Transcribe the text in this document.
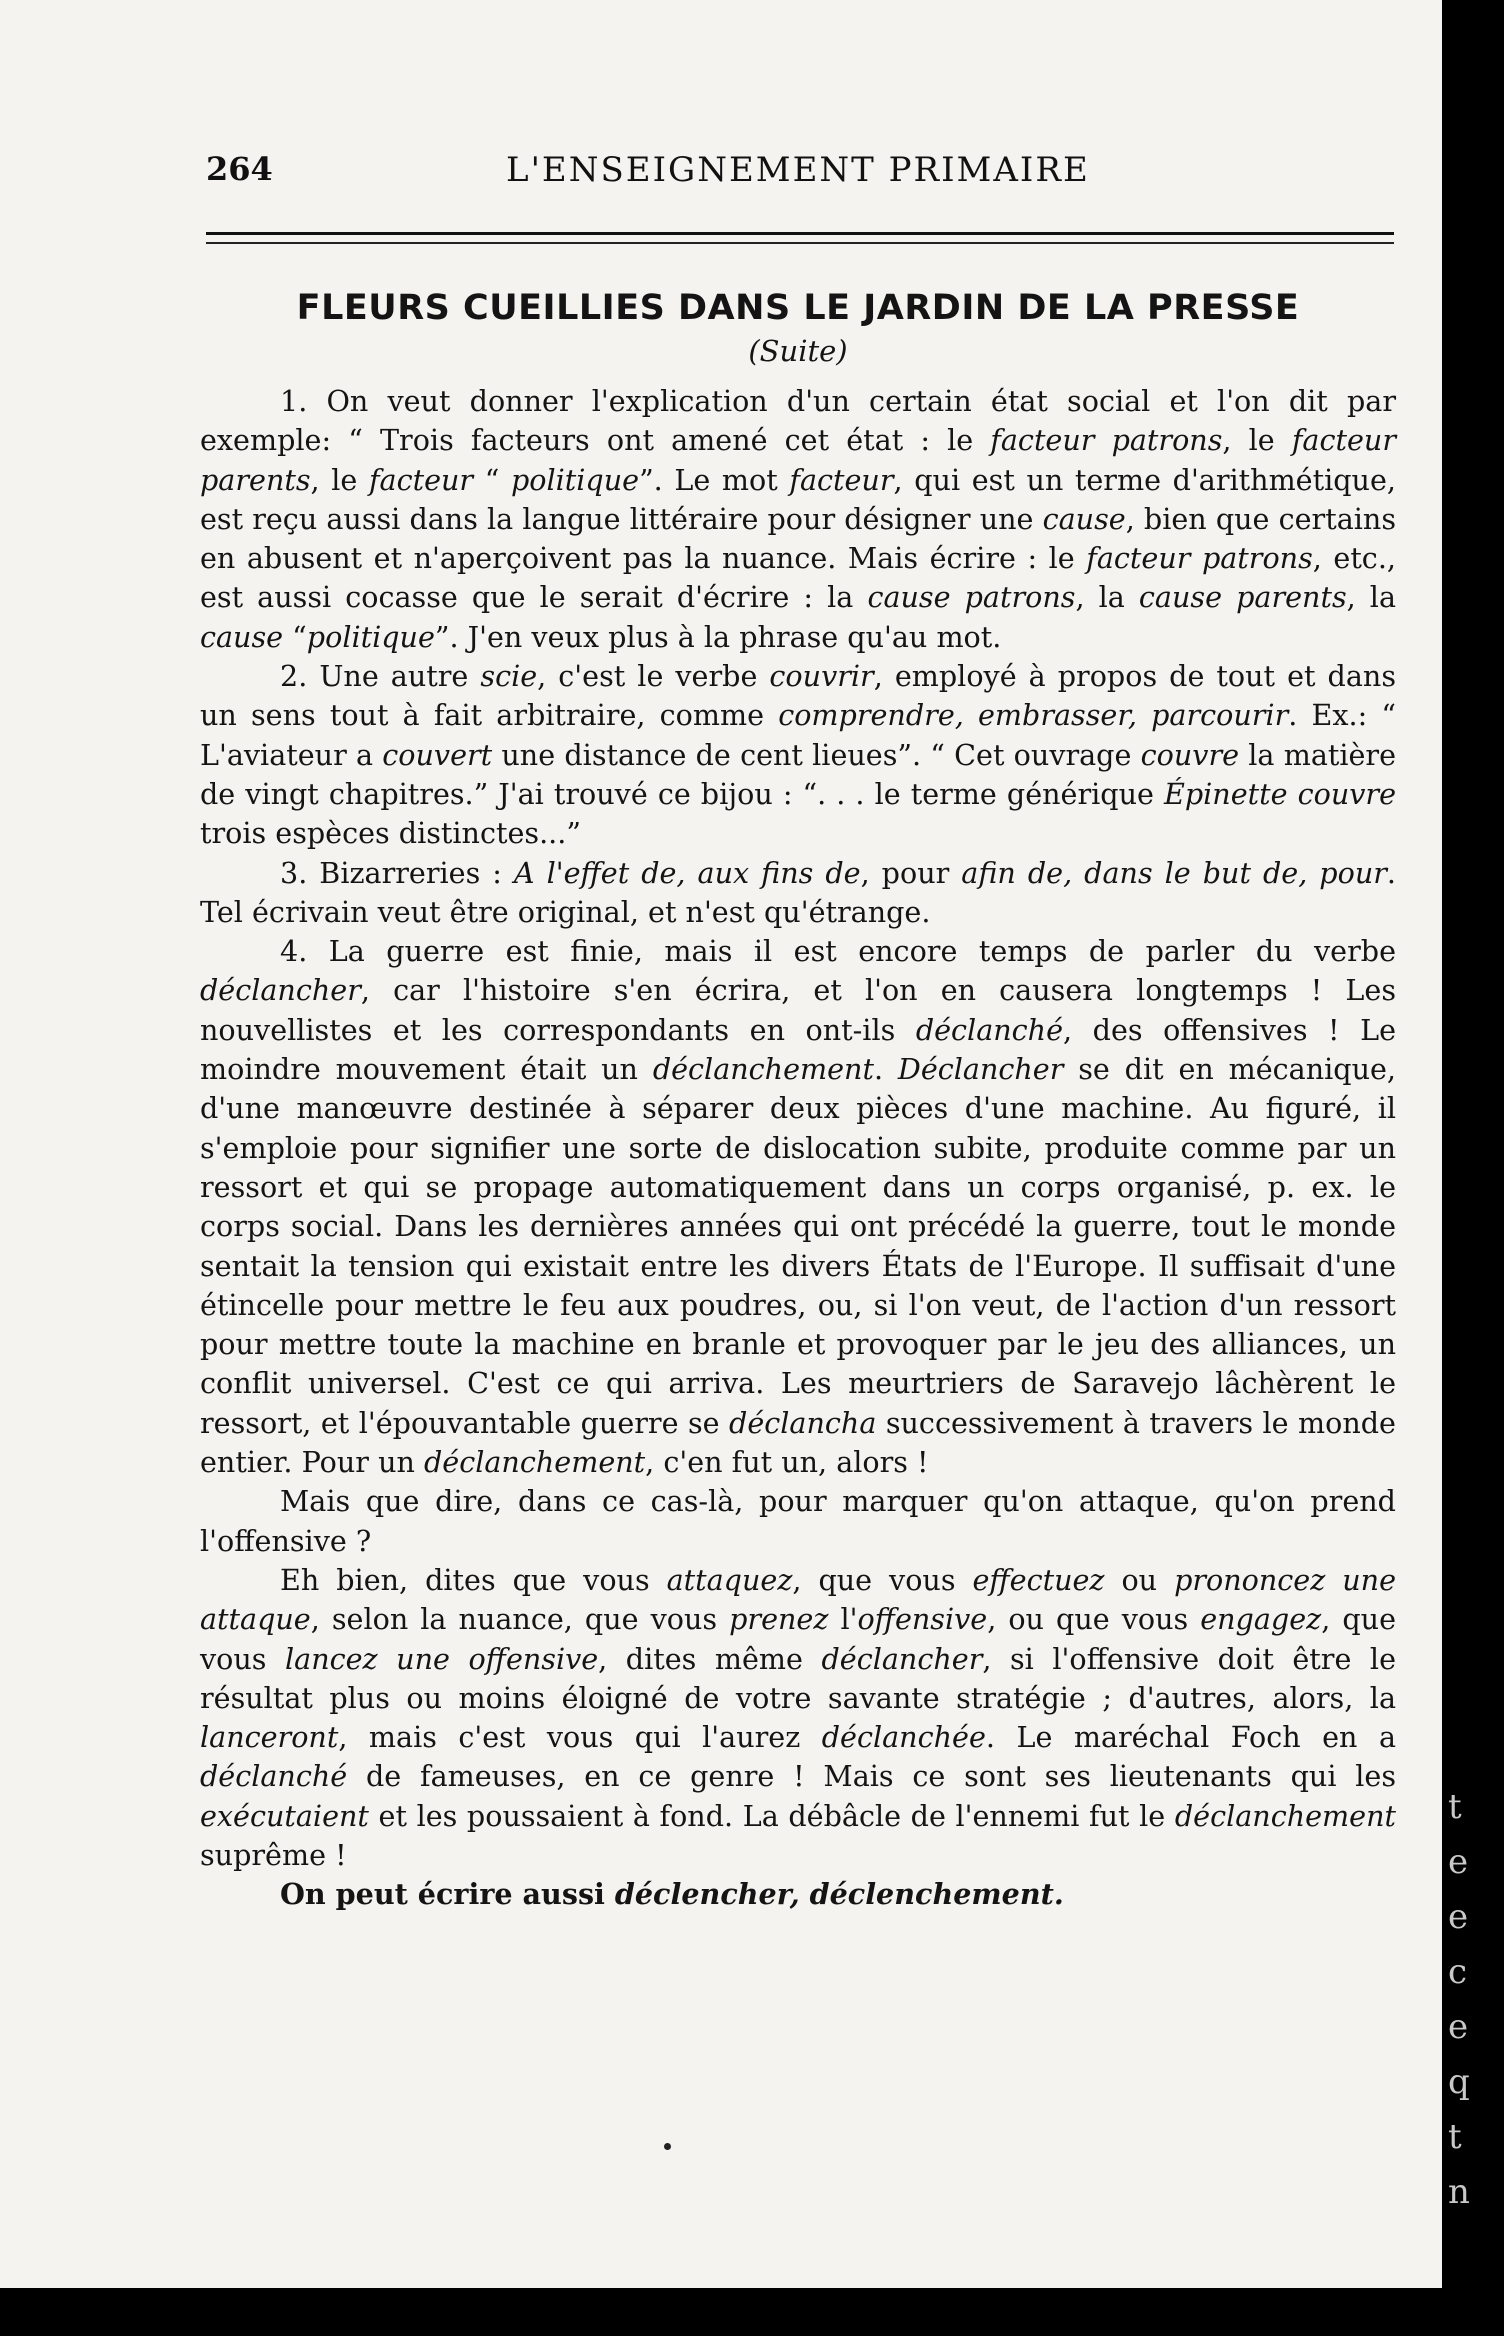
264	L'ENSEIGNEMENT PRIMAIRE
FLEURS CUEILLIES DANS LE JARDIN DE LA PRESSE
(Suite)

1. On veut donner l'explication d'un certain état social et l'on dit par exemple: “ Trois facteurs ont amené cet état : le facteur patrons, le facteur parents, le facteur “ politique”. Le mot facteur, qui est un terme d'arithmétique, est reçu aussi dans la langue littéraire pour désigner une cause, bien que certains en abusent et n'aperçoivent pas la nuance. Mais écrire : le facteur patrons, etc., est aussi cocasse que le serait d'écrire : la cause patrons, la cause parents, la cause “politique”. J'en veux plus à la phrase qu'au mot.

2. Une autre scie, c'est le verbe couvrir, employé à propos de tout et dans un sens tout à fait arbitraire, comme comprendre, embrasser, parcourir. Ex.: “ L'aviateur a couvert une distance de cent lieues”. “ Cet ouvrage couvre la matière de vingt chapitres.” J'ai trouvé ce bijou : “. . . le terme générique Épinette couvre trois espèces distinctes...”

3. Bizarreries : A l'effet de, aux fins de, pour afin de, dans le but de, pour. Tel écrivain veut être original, et n'est qu'étrange.

4. La guerre est finie, mais il est encore temps de parler du verbe déclancher, car l'histoire s'en écrira, et l'on en causera longtemps ! Les nouvellistes et les correspondants en ont-ils déclanché, des offensives ! Le moindre mouvement était un déclanchement. Déclancher se dit en mécanique, d'une manœuvre destinée à séparer deux pièces d'une machine. Au figuré, il s'emploie pour signifier une sorte de dislocation subite, produite comme par un ressort et qui se propage automatiquement dans un corps organisé, p. ex. le corps social. Dans les dernières années qui ont précédé la guerre, tout le monde sentait la tension qui existait entre les divers États de l'Europe. Il suffisait d'une étincelle pour mettre le feu aux poudres, ou, si l'on veut, de l'action d'un ressort pour mettre toute la machine en branle et provoquer par le jeu des alliances, un conflit universel. C'est ce qui arriva. Les meurtriers de Saravejo lâchèrent le ressort, et l'épouvantable guerre se déclancha successivement à travers le monde entier. Pour un déclanchement, c'en fut un, alors !

Mais que dire, dans ce cas-là, pour marquer qu'on attaque, qu'on prend l'offensive ?

Eh bien, dites que vous attaquez, que vous effectuez ou prononcez une attaque, selon la nuance, que vous prenez l'offensive, ou que vous engagez, que vous lancez une offensive, dites même déclancher, si l'offensive doit être le résultat plus ou moins éloigné de votre savante stratégie ; d'autres, alors, la lanceront, mais c'est vous qui l'aurez déclanchée. Le maréchal Foch en a déclanché de fameuses, en ce genre ! Mais ce sont ses lieutenants qui les exécutaient et les poussaient à fond. La débâcle de l'ennemi fut le déclanchement suprême !

On peut écrire aussi déclencher, déclenchement.

t
e
e
c
e
q
t
n
